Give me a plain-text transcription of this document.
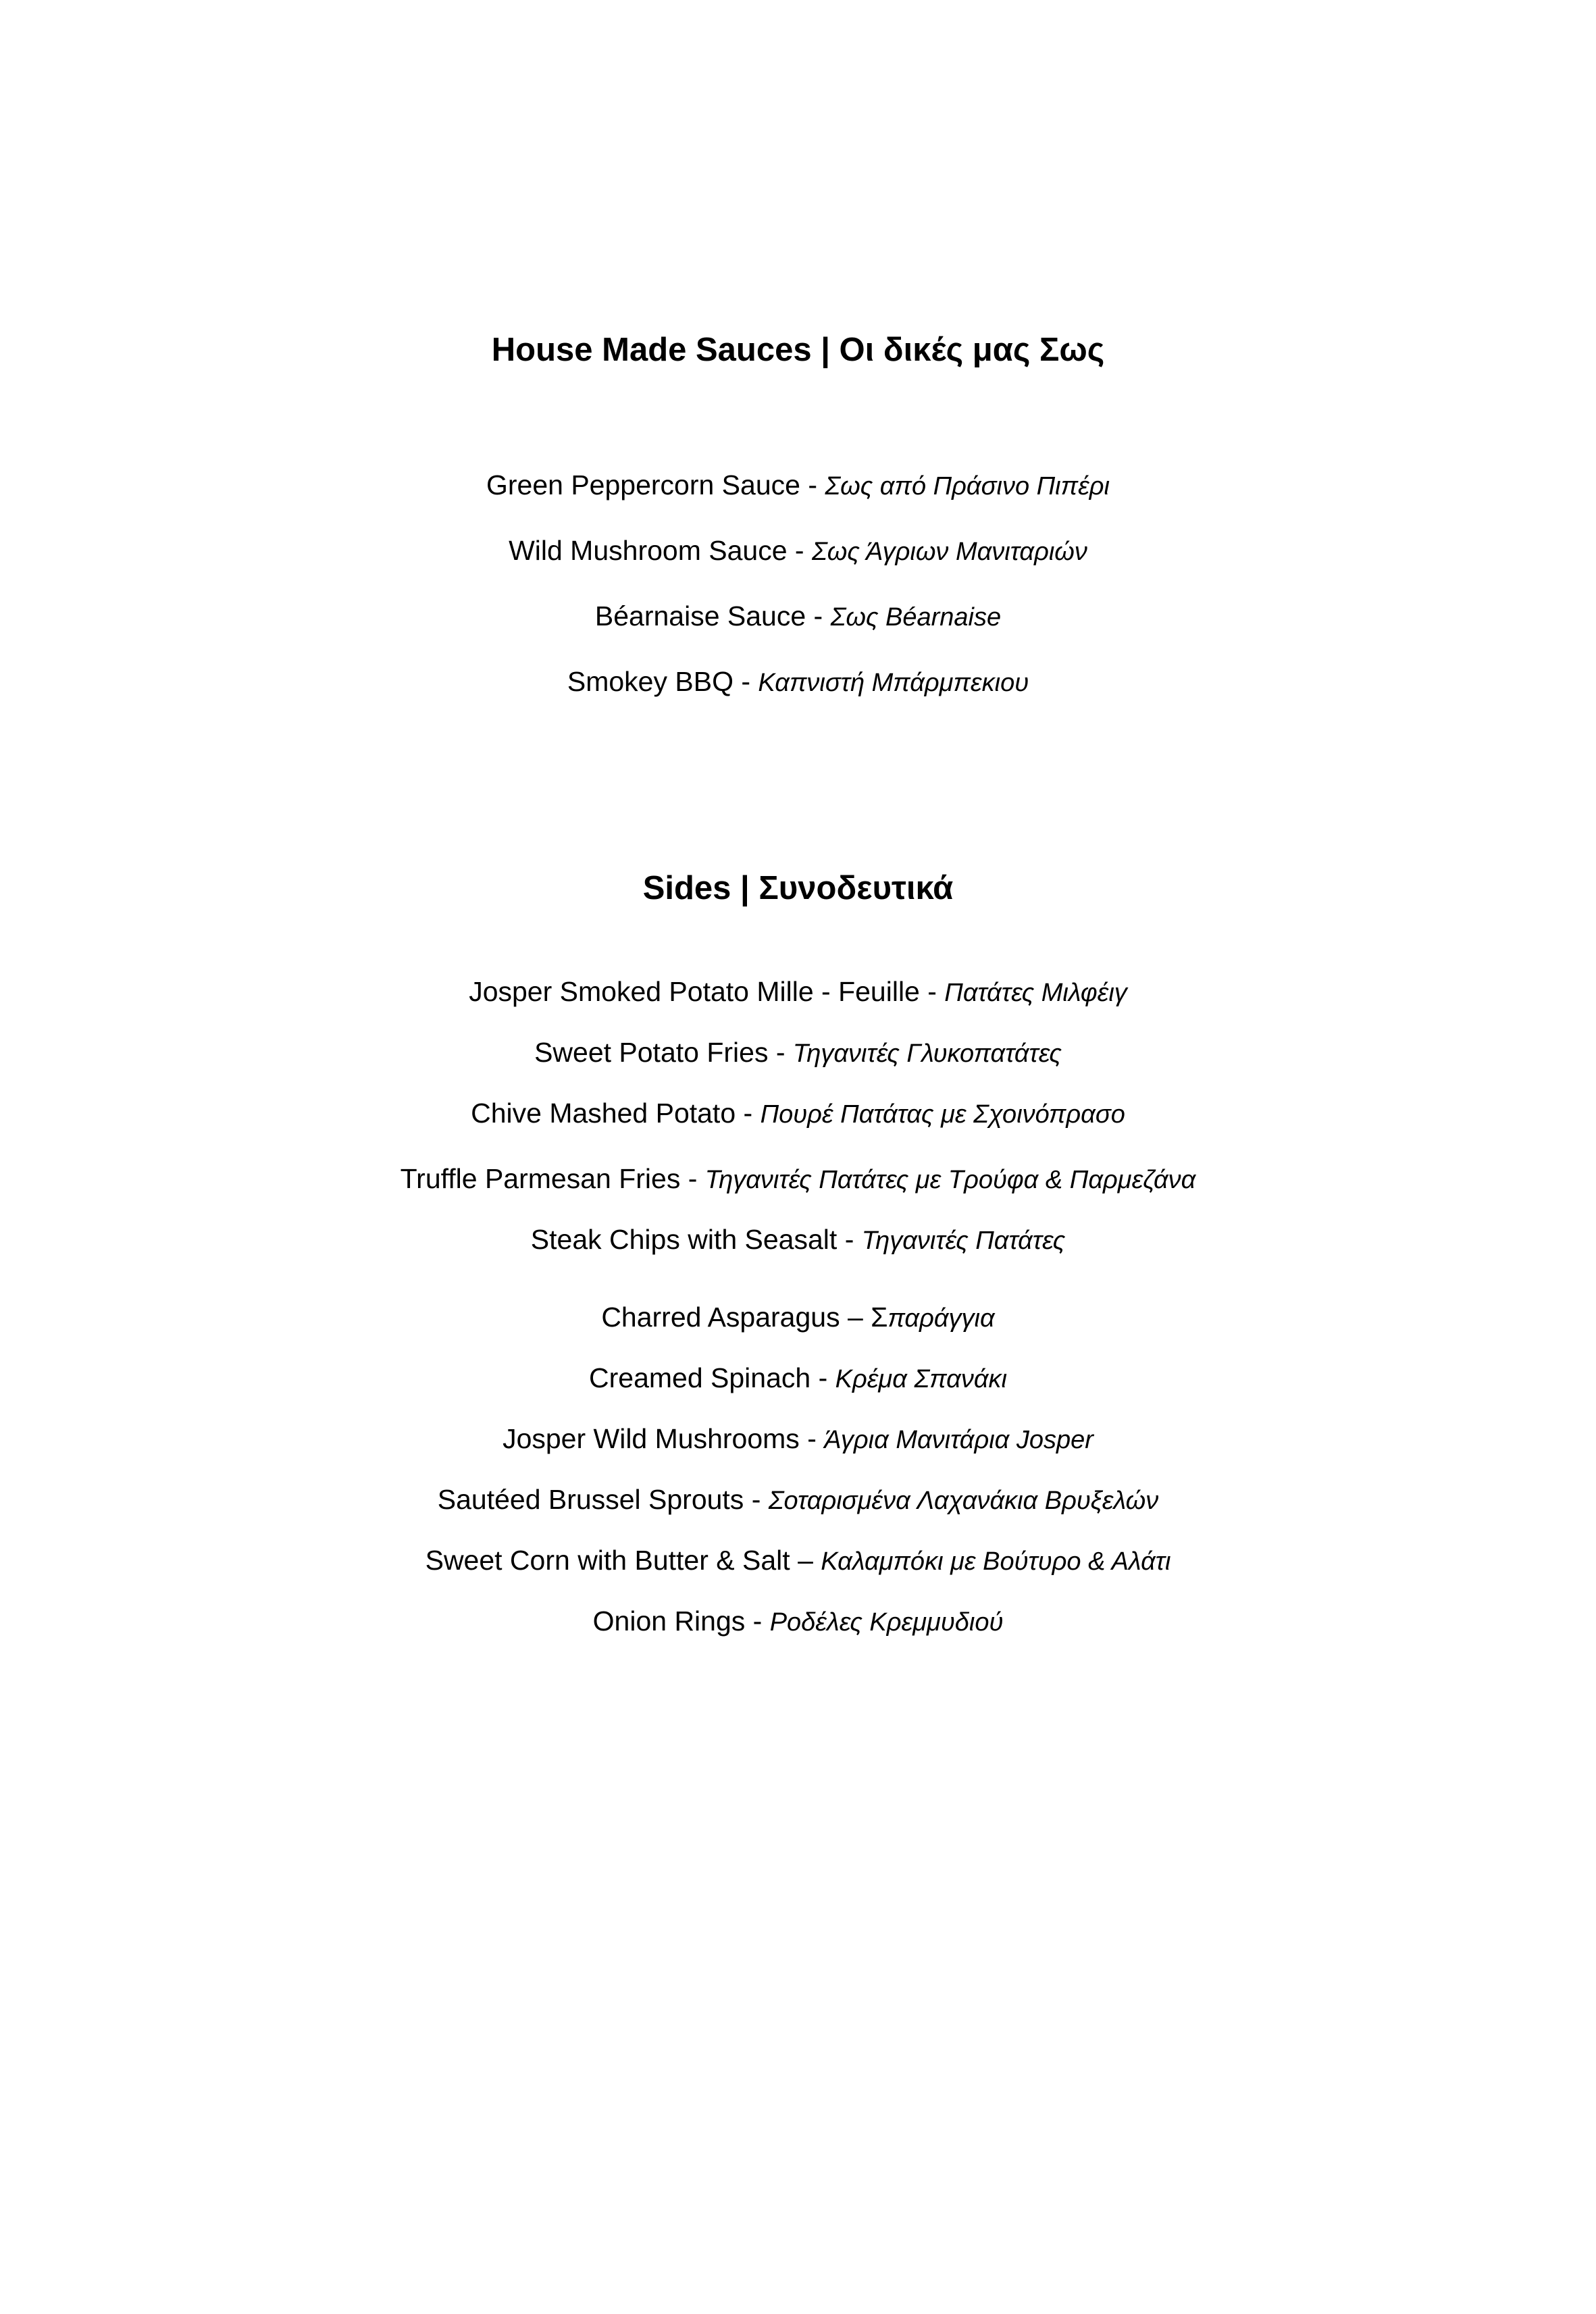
House Made Sauces | Οι δικές μας Σως
Green Peppercorn Sauce - Σως από Πράσινο Πιπέρι
Wild Mushroom Sauce - Σως Άγριων Μανιταριών
Béarnaise Sauce - Σως Béarnaise
Smokey BBQ - Καπνιστή Μπάρμπεκιου
Sides | Συνοδευτικά
Josper Smoked Potato Mille - Feuille - Πατάτες Μιλφέιγ
Sweet Potato Fries - Τηγανιτές Γλυκοπατάτες
Chive Mashed Potato - Πουρέ Πατάτας με Σχοινόπρασο
Truffle Parmesan Fries - Τηγανιτές Πατάτες με Τρούφα & Παρμεζάνα
Steak Chips with Seasalt - Τηγανιτές Πατάτες
Charred Asparagus – Σπαράγγια
Creamed Spinach - Κρέμα Σπανάκι
Josper Wild Mushrooms - Άγρια Μανιτάρια Josper
Sautéed Brussel Sprouts - Σοταρισμένα Λαχανάκια Βρυξελών
Sweet Corn with Butter & Salt – Καλαμπόκι με Βούτυρο & Αλάτι
Onion Rings - Ροδέλες Κρεμμυδιού
